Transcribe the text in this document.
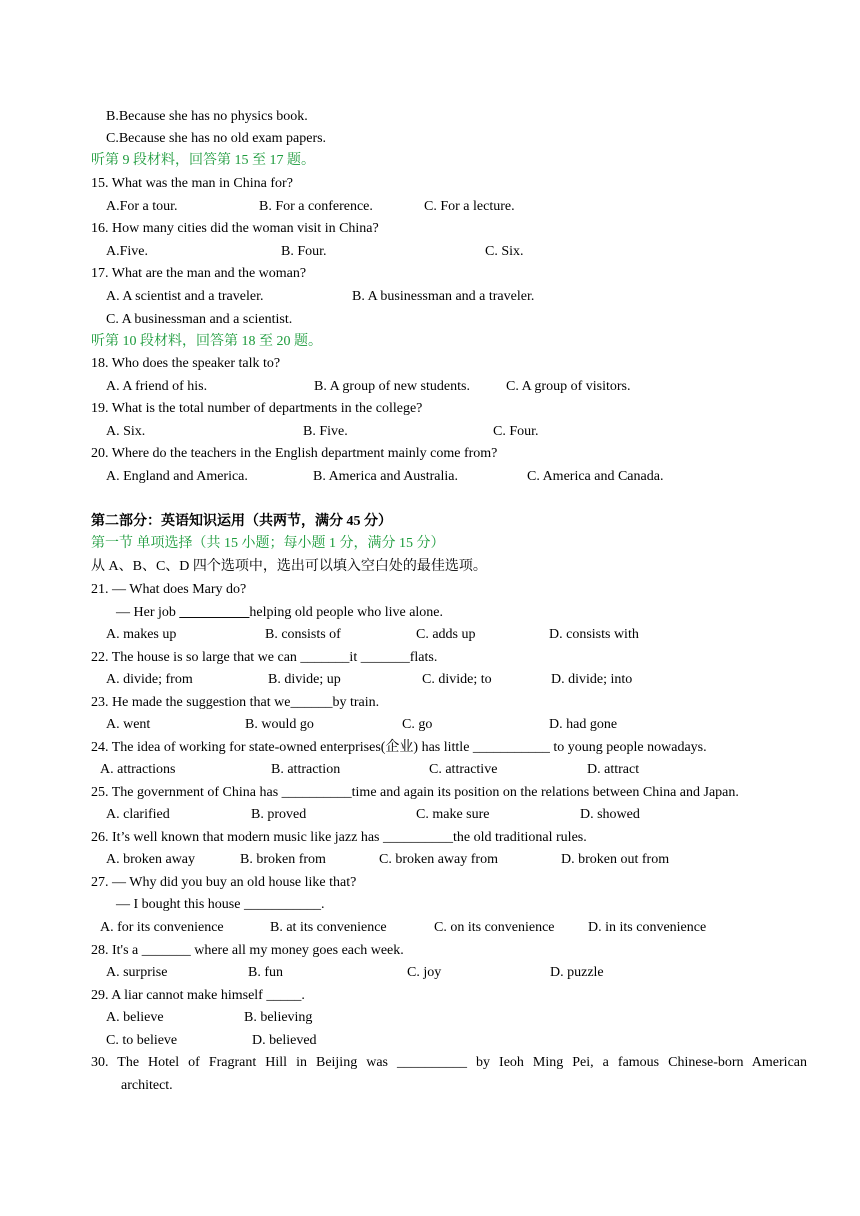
B.Because she has no physics book.
C.Because she has no old exam papers.
听第 9 段材料，回答第 15 至 17 题。
15. What was the man in China for?
A.For a tour.	B. For a conference.	C. For a lecture.
16. How many cities did the woman visit in China?
A.Five.	B. Four.	C. Six.
17. What are the man and the woman?
A. A scientist and a traveler.	B. A businessman and a traveler.
C. A businessman and a scientist.
听第 10 段材料，回答第 18 至 20 题。
18. Who does the speaker talk to?
A. A friend of his.	B. A group of new students.	C. A group of visitors.
19. What is the total number of departments in the college?
A. Six.	B. Five.	C. Four.
20. Where do the teachers in the English department mainly come from?
A. England and America.	B. America and Australia.	C. America and Canada.
第二部分：英语知识运用（共两节，满分 45 分）
第一节 单项选择（共 15 小题；每小题 1 分，满分 15 分）
从 A、B、C、D 四个选项中，选出可以填入空白处的最佳选项。
21. — What does Mary do?
— Her job __________helping old people who live alone.
A. makes up	B. consists of	C. adds up	D. consists with
22. The house is so large that we can _______it _______flats.
A. divide; from	B. divide; up	C. divide; to	D. divide; into
23. He made the suggestion that we______by train.
A. went	B. would go	C. go	D. had gone
24. The idea of working for state-owned enterprises(企业) has little ___________ to young people nowadays.
A. attractions	B. attraction	C. attractive	D. attract
25. The government of China has __________time and again its position on the relations between China and Japan.
A. clarified	B. proved	C. make sure	D. showed
26. It’s well known that modern music like jazz has __________the old traditional rules.
A. broken away	B. broken from	C. broken away from	D. broken out from
27. — Why did you buy an old house like that?
— I bought this house ___________.
A. for its convenience	B. at its convenience	C. on its convenience D. in its convenience
28. It's a _______ where all my money goes each week.
A. surprise	B. fun	C. joy	D. puzzle
29. A liar cannot make himself _____.
A. believe	B. believing
C. to believe	D. believed
30. The Hotel of Fragrant Hill in Beijing was __________ by Ieoh Ming Pei, a famous Chinese-born American
architect.
